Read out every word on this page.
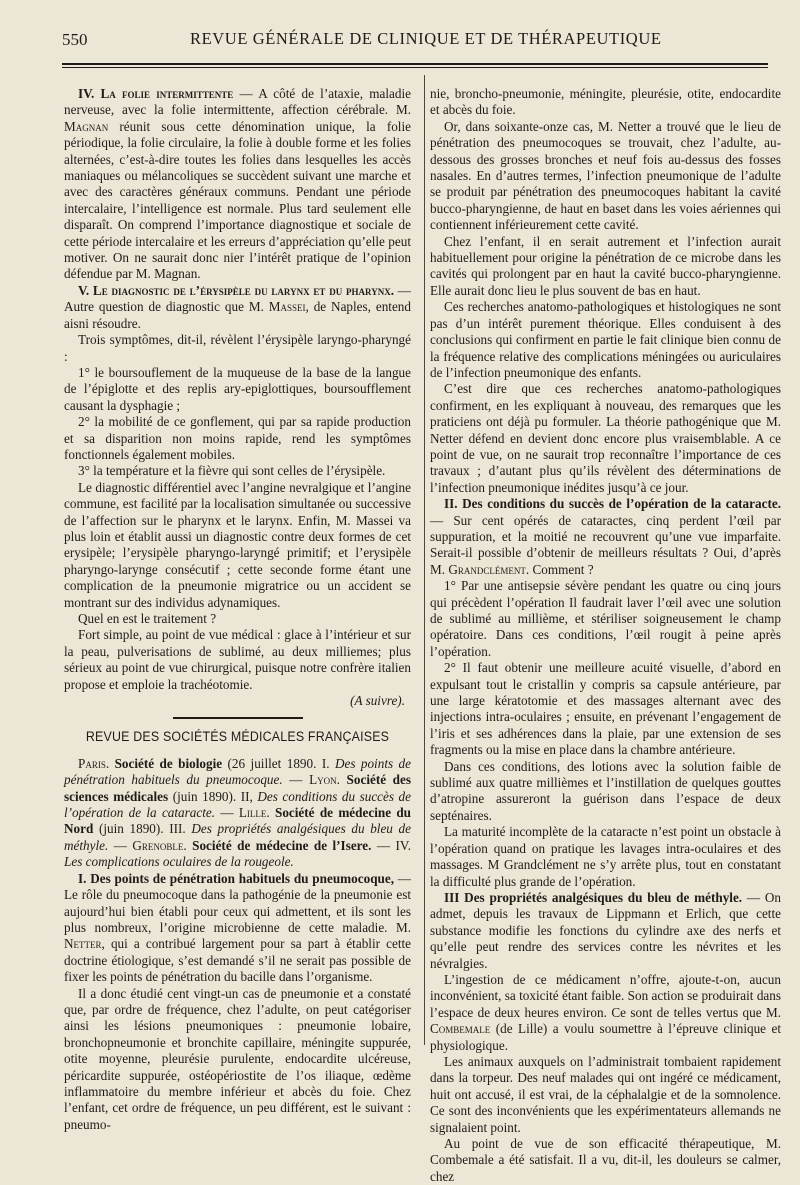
550	REVUE GÉNÉRALE DE CLINIQUE ET DE THÉRAPEUTIQUE

IV. La folie intermittente — A côté de l’ataxie, maladie nerveuse, avec la folie intermittente, affection cérébrale. M. Magnan réunit sous cette dénomination unique, la folie périodique, la folie circulaire, la folie à double forme et les folies alternées, c’est-à-dire toutes les folies dans lesquelles les accès maniaques ou mélancoliques se succèdent suivant une marche et avec des caractères généraux communs. Pendant une période intercalaire, l’intelligence est normale. Plus tard seulement elle disparaît. On comprend l’importance diagnostique et sociale de cette période intercalaire et les erreurs d’appréciation qu’elle peut motiver. On ne saurait donc nier l’intérêt pratique de l’opinion défendue par M. Magnan.

V. Le diagnostic de l’érysipèle du larynx et du pharynx. — Autre question de diagnostic que M. Massei, de Naples, entend aisni résoudre.

Trois symptômes, dit-il, révèlent l’érysipèle laryngo-pharyngé :

1° le boursouflement de la muqueuse de la base de la langue de l’épiglotte et des replis ary-epiglottiques, boursoufflement causant la dysphagie ;

2° la mobilité de ce gonflement, qui par sa rapide production et sa disparition non moins rapide, rend les symptômes fonctionnels également mobiles.

3° la température et la fièvre qui sont celles de l’érysipèle.

Le diagnostic différentiel avec l’angine nevralgique et l’angine commune, est facilité par la localisation simultanée ou successive de l’affection sur le pharynx et le larynx. Enfin, M. Massei va plus loin et établit aussi un diagnostic contre deux formes de cet erysipèle; l’erysipèle pharyngo-laryngé primitif; et l’erysipèle pharyngo-larynge consécutif ; cette seconde forme étant une complication de la pneumonie migratrice ou un accident se montrant sur des individus adynamiques.

Quel en est le traitement ?

Fort simple, au point de vue médical : glace à l’intérieur et sur la peau, pulverisations de sublimé, au deux milliemes; plus sérieux au point de vue chirurgical, puisque notre confrère italien propose et emploie la trachéotomie.

(A suivre).

REVUE DES SOCIÉTÉS MÉDICALES FRANÇAISES

Paris. Société de biologie (26 juillet 1890. I. Des points de pénétration habituels du pneumocoque. — Lyon. Société des sciences médicales (juin 1890). II, Des conditions du succès de l’opération de la cataracte. — Lille. Société de médecine du Nord (juin 1890). III. Des propriétés analgésiques du bleu de méthyle. — Grenoble. Société de médecine de l’Isere. — IV. Les complications oculaires de la rougeole.

I. Des points de pénétration habituels du pneumocoque, — Le rôle du pneumocoque dans la pathogénie de la pneumonie est aujourd’hui bien établi pour ceux qui admettent, et ils sont les plus nombreux, l’origine microbienne de cette maladie. M. Netter, qui a contribué largement pour sa part à établir cette doctrine étiologique, s’est demandé s’il ne serait pas possible de fixer les points de pénétration du bacille dans l’organisme.

Il a donc étudié cent vingt-un cas de pneumonie et a constaté que, par ordre de fréquence, chez l’adulte, on peut catégoriser ainsi les lésions pneumoniques : pneumonie lobaire, bronchopneumonie et bronchite capillaire, méningite suppurée, otite moyenne, pleurésie purulente, endocardite ulcéreuse, péricardite suppurée, ostéopériostite de l’os iliaque, œdème inflammatoire du membre inférieur et abcès du foie. Chez l’enfant, cet ordre de fréquence, un peu différent, est le suivant : pneumo-

nie, broncho-pneumonie, méningite, pleurésie, otite, endocardite et abcès du foie.

Or, dans soixante-onze cas, M. Netter a trouvé que le lieu de pénétration des pneumocoques se trouvait, chez l’adulte, au-dessous des grosses bronches et neuf fois au-dessus des fosses nasales. En d’autres termes, l’infection pneumonique de l’adulte se produit par pénétration des pneumocoques habitant la cavité bucco-pharyngienne, de haut en baset dans les voies aériennes qui contiennent inférieurement cette cavité.

Chez l’enfant, il en serait autrement et l’infection aurait habituellement pour origine la pénétration de ce microbe dans les cavités qui prolongent par en haut la cavité bucco-pharyngienne. Elle aurait donc lieu le plus souvent de bas en haut.

Ces recherches anatomo-pathologiques et histologiques ne sont pas d’un intérêt purement théorique. Elles conduisent à des conclusions qui confirment en partie le fait clinique bien connu de la fréquence relative des complications méningées ou auriculaires de l’infection pneumonique des enfants.

C’est dire que ces recherches anatomo-pathologiques confirment, en les expliquant à nouveau, des remarques que les praticiens ont déjà pu formuler. La théorie pathogénique que M. Netter défend en devient donc encore plus vraisemblable. A ce point de vue, on ne saurait trop reconnaître l’importance de ces travaux ; d’autant plus qu’ils révèlent des déterminations de l’infection pneumonique inédites jusqu’à ce jour.

II. Des conditions du succès de l’opération de la cataracte. — Sur cent opérés de cataractes, cinq perdent l’œil par suppuration, et la moitié ne recouvrent qu’une vue imparfaite. Serait-il possible d’obtenir de meilleurs résultats ? Oui, d’après M. Grandclément. Comment ?

1° Par une antisepsie sévère pendant les quatre ou cinq jours qui précèdent l’opération Il faudrait laver l’œil avec une solution de sublimé au millième, et stériliser soigneusement le champ opératoire. Dans ces conditions, l’œil rougit à peine après l’opération.

2° Il faut obtenir une meilleure acuité visuelle, d’abord en expulsant tout le cristallin y compris sa capsule antérieure, par une large kératotomie et des massages alternant avec des injections intra-oculaires ; ensuite, en prévenant l’engagement de l’iris et ses adhérences dans la plaie, par une extension de ses fragments ou la mise en place dans la chambre antérieure.

Dans ces conditions, des lotions avec la solution faible de sublimé aux quatre millièmes et l’instillation de quelques gouttes d’atropine assureront la guérison dans l’espace de deux septénaires.

La maturité incomplète de la cataracte n’est point un obstacle à l’opération quand on pratique les lavages intra-oculaires et des massages. M Grandclément ne s’y arrête plus, tout en constatant la difficulté plus grande de l’opération.

III Des propriétés analgésiques du bleu de méthyle. — On admet, depuis les travaux de Lippmann et Erlich, que cette substance modifie les fonctions du cylindre axe des nerfs et qu’elle peut rendre des services contre les névrites et les névralgies.

L’ingestion de ce médicament n’offre, ajoute-t-on, aucun inconvénient, sa toxicité étant faible. Son action se produirait dans l’espace de deux heures environ. Ce sont de telles vertus que M. Combemale (de Lille) a voulu soumettre à l’épreuve clinique et physiologique.

Les animaux auxquels on l’administrait tombaient rapidement dans la torpeur. Des neuf malades qui ont ingéré ce médicament, huit ont accusé, il est vrai, de la céphalalgie et de la somnolence. Ce sont des inconvénients que les expérimentateurs allemands ne signalaient point.

Au point de vue de son efficacité thérapeutique, M. Combemale a été satisfait. Il a vu, dit-il, les douleurs se calmer, chez
